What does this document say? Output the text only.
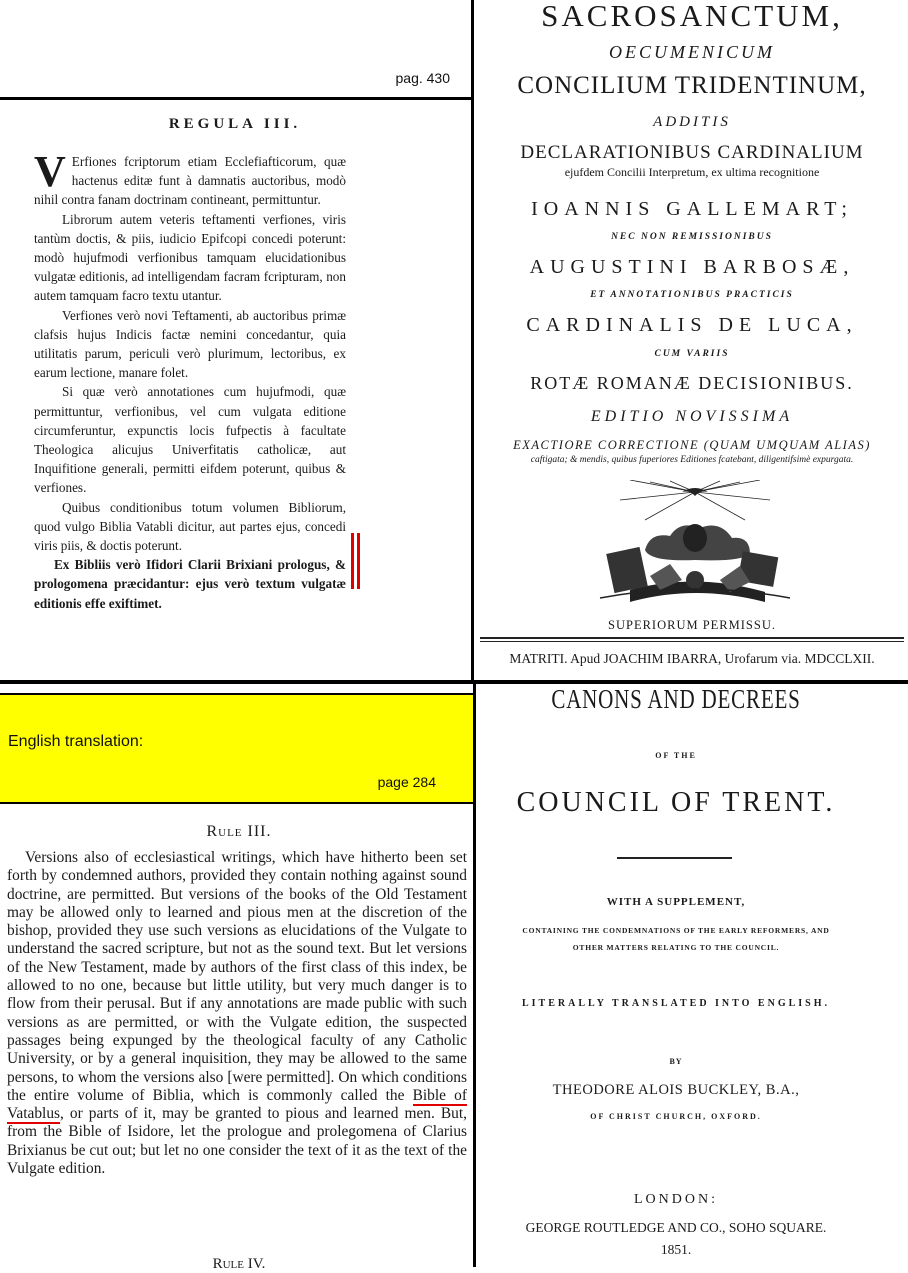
pag. 430
REGULA III.

V Erfiones fcriptorum etiam Ecclefiafticorum, quæ hactenus editæ funt à damnatis auctoribus, modò nihil contra fanam doctrinam contineant, permittuntur.

Librorum autem veteris teftamenti verfiones, viris tantùm doctis, & piis, iudicio Epifcopi concedi poterunt: modò hujufmodi verfionibus tamquam elucidationibus vulgatæ editionis, ad intelligendam facram fcripturam, non autem tamquam facro textu utantur.

Verfiones verò novi Teftamenti, ab auctoribus primæ clafsis hujus Indicis factæ nemini concedantur, quia utilitatis parum, periculi verò plurimum, lectoribus, ex earum lectione, manare folet.

Si quæ verò annotationes cum hujufmodi, quæ permittuntur, verfionibus, vel cum vulgata editione circumferuntur, expunctis locis fufpectis à facultate Theologica alicujus Univerfitatis catholicæ, aut Inquifitione generali, permitti eifdem poterunt, quibus & verfiones.

Quibus conditionibus totum volumen Bibliorum, quod vulgo Biblia Vatabli dicitur, aut partes ejus, concedi viris piis, & doctis poterunt.

Ex Bibliis verò Ifidori Clarii Brixiani prologus, & prologomena præcidantur: ejus verò textum vulgatæ editionis effe exiftimet.

SACROSANCTUM,
OECUMENICUM
CONCILIUM TRIDENTINUM,
ADDITIS
DECLARATIONIBUS CARDINALIUM
ejufdem Concilii Interpretum, ex ultima recognitione
IOANNIS GALLEMART;
NEC NON REMISSIONIBUS
AUGUSTINI BARBOSÆ,
ET ANNOTATIONIBUS PRACTICIS
CARDINALIS DE LUCA,
CUM VARIIS
ROTÆ ROMANÆ DECISIONIBUS.
EDITIO NOVISSIMA
EXACTIORE CORRECTIONE (QUAM UMQUAM ALIAS)
caftigata; & mendis, quibus fuperiores Editiones fcatebant, diligentifsimè expurgata.
SUPERIORUM PERMISSU.
MATRITI. Apud JOACHIM IBARRA, Urofarum via. MDCCLXII.
English translation:
page 284
Rule III.

Versions also of ecclesiastical writings, which have hitherto been set forth by condemned authors, provided they contain nothing against sound doctrine, are permitted. But versions of the books of the Old Testament may be allowed only to learned and pious men at the discretion of the bishop, provided they use such versions as elucidations of the Vulgate to understand the sacred scripture, but not as the sound text. But let versions of the New Testament, made by authors of the first class of this index, be allowed to no one, because but little utility, but very much danger is to flow from their perusal. But if any annotations are made public with such versions as are permitted, or with the Vulgate edition, the suspected passages being expunged by the theological faculty of any Catholic University, or by a general inquisition, they may be allowed to the same persons, to whom the versions also [were permitted]. On which conditions the entire volume of Biblia, which is commonly called the Bible of Vatablus, or parts of it, may be granted to pious and learned men. But, from the Bible of Isidore, let the prologue and prolegomena of Clarius Brixianus be cut out; but let no one consider the text of it as the text of the Vulgate edition.

Rule IV.
CANONS AND DECREES
OF THE
COUNCIL OF TRENT.
WITH A SUPPLEMENT,
CONTAINING THE CONDEMNATIONS OF THE EARLY REFORMERS, AND
OTHER MATTERS RELATING TO THE COUNCIL.
LITERALLY TRANSLATED INTO ENGLISH.
BY
THEODORE ALOIS BUCKLEY, B.A.,
OF CHRIST CHURCH, OXFORD.
LONDON:
GEORGE ROUTLEDGE AND CO., SOHO SQUARE.
1851.
